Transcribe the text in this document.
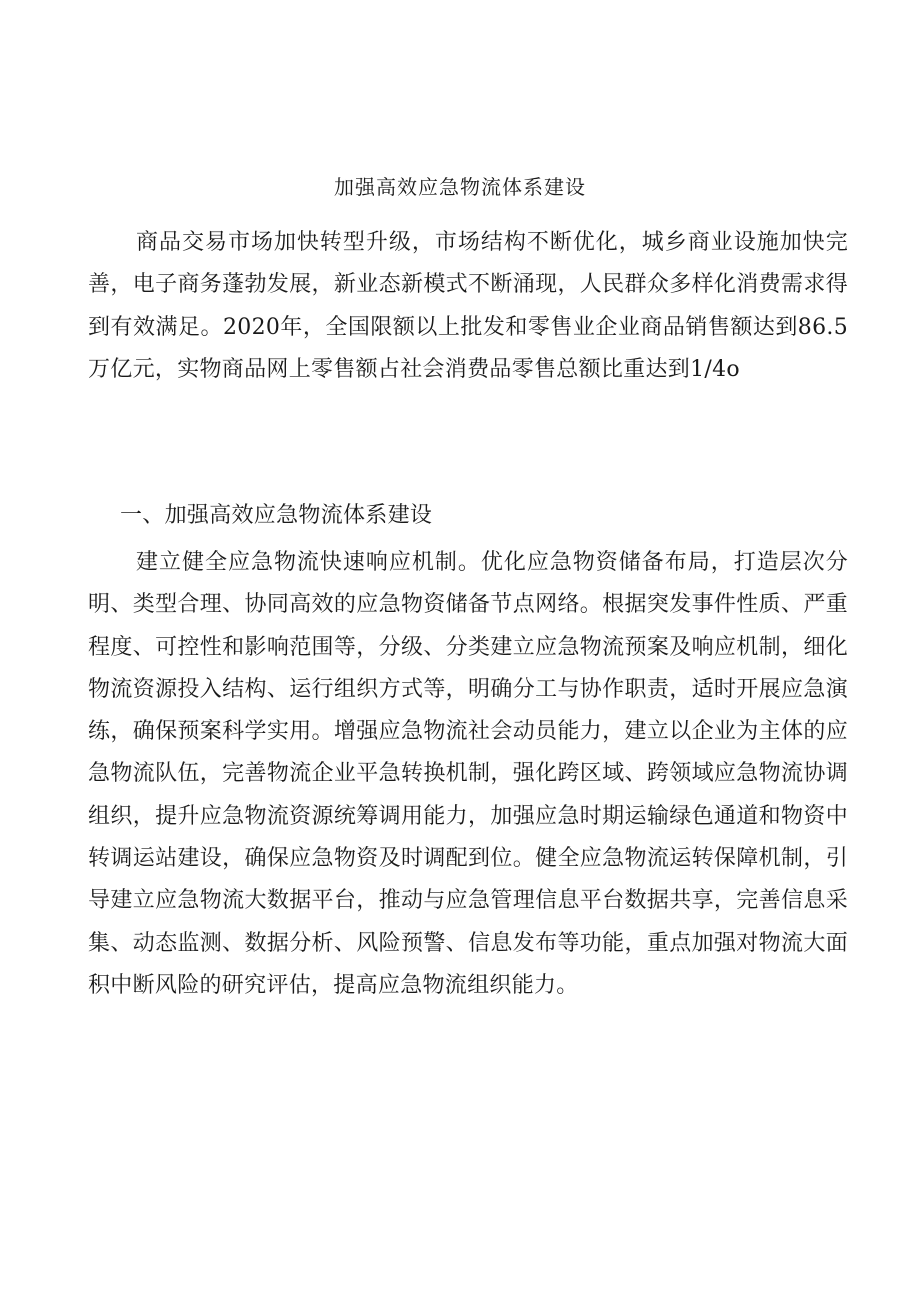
加强高效应急物流体系建设

商品交易市场加快转型升级，市场结构不断优化，城乡商业设施加快完善，电子商务蓬勃发展，新业态新模式不断涌现，人民群众多样化消费需求得到有效满足。2020年，全国限额以上批发和零售业企业商品销售额达到86.5万亿元，实物商品网上零售额占社会消费品零售总额比重达到1/4o

一、加强高效应急物流体系建设

建立健全应急物流快速响应机制。优化应急物资储备布局，打造层次分明、类型合理、协同高效的应急物资储备节点网络。根据突发事件性质、严重程度、可控性和影响范围等，分级、分类建立应急物流预案及响应机制，细化物流资源投入结构、运行组织方式等，明确分工与协作职责，适时开展应急演练，确保预案科学实用。增强应急物流社会动员能力，建立以企业为主体的应急物流队伍，完善物流企业平急转换机制，强化跨区域、跨领域应急物流协调组织，提升应急物流资源统筹调用能力，加强应急时期运输绿色通道和物资中转调运站建设，确保应急物资及时调配到位。健全应急物流运转保障机制，引导建立应急物流大数据平台，推动与应急管理信息平台数据共享，完善信息采集、动态监测、数据分析、风险预警、信息发布等功能，重点加强对物流大面积中断风险的研究评估，提高应急物流组织能力。
